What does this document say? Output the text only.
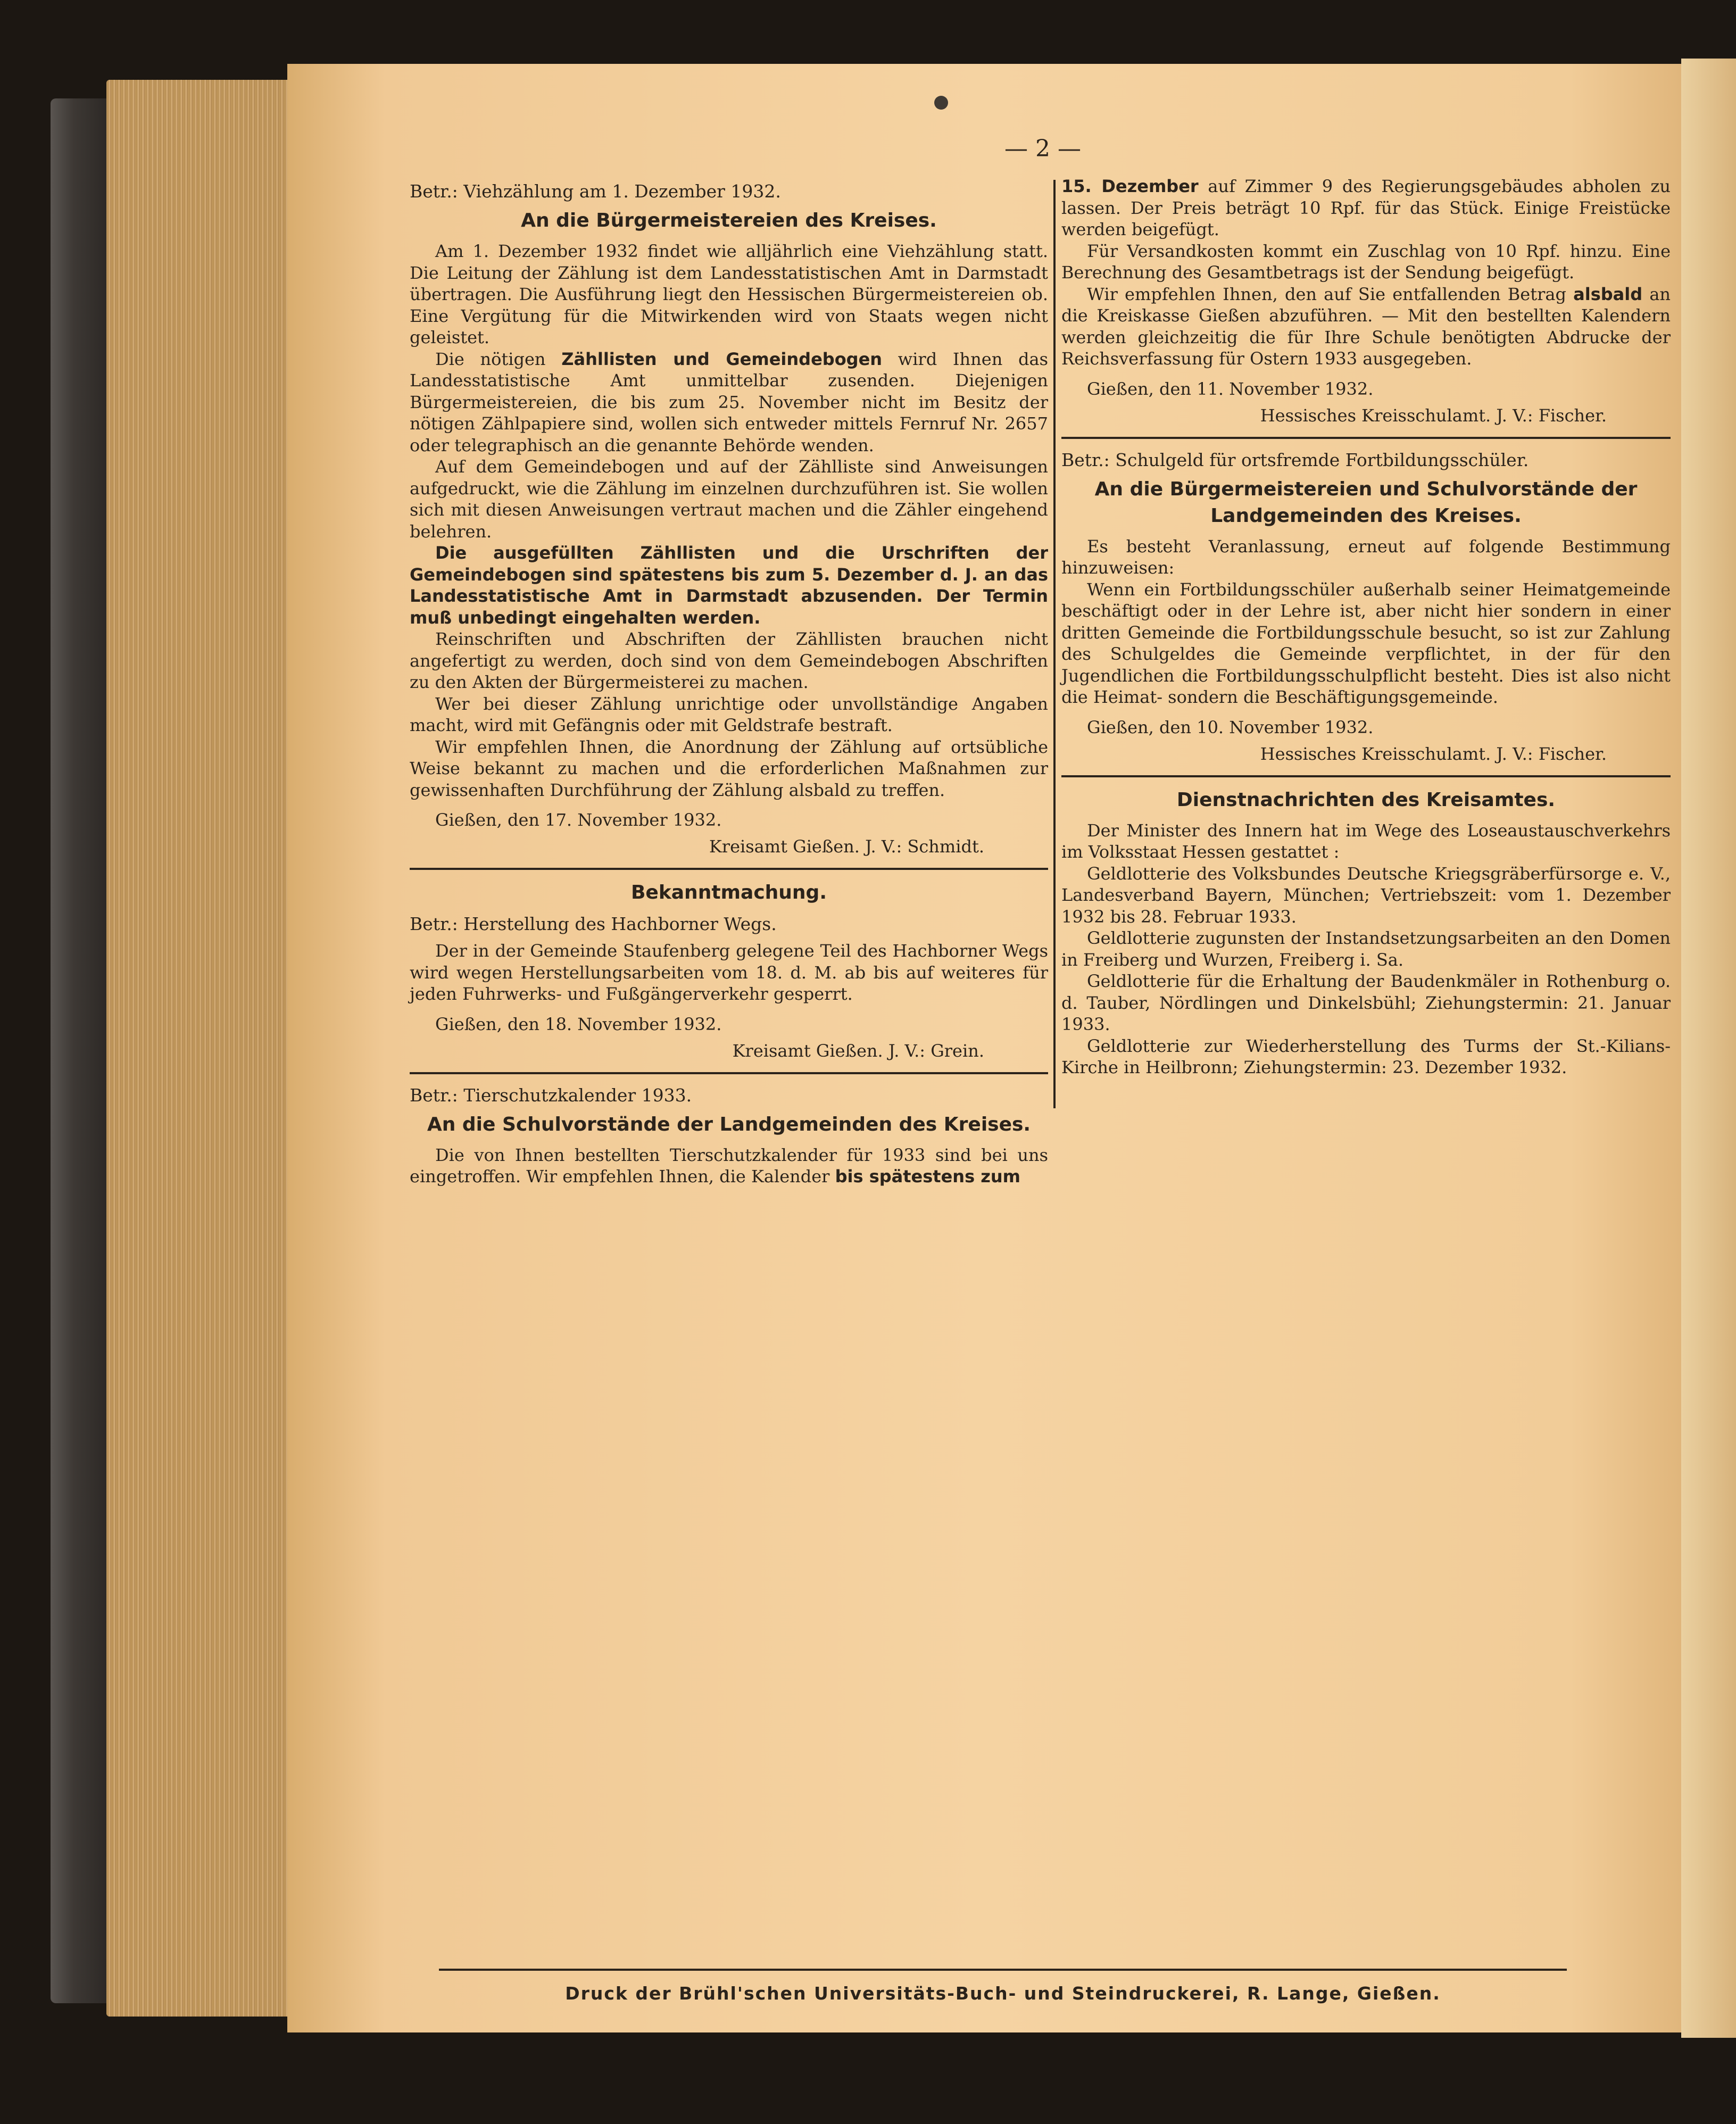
— 2 —
Betr.: Viehzählung am 1. Dezember 1932.
An die Bürgermeistereien des Kreises.

Am 1. Dezember 1932 findet wie alljährlich eine Viehzählung statt. Die Leitung der Zählung ist dem Landesstatistischen Amt in Darmstadt übertragen. Die Ausführung liegt den Hessischen Bürgermeistereien ob. Eine Vergütung für die Mitwirkenden wird von Staats wegen nicht geleistet.

Die nötigen Zähllisten und Gemeindebogen wird Ihnen das Landesstatistische Amt unmittelbar zusenden. Diejenigen Bürgermeistereien, die bis zum 25. November nicht im Besitz der nötigen Zählpapiere sind, wollen sich entweder mittels Fernruf Nr. 2657 oder telegraphisch an die genannte Behörde wenden.

Auf dem Gemeindebogen und auf der Zählliste sind Anweisungen aufgedruckt, wie die Zählung im einzelnen durchzuführen ist. Sie wollen sich mit diesen Anweisungen vertraut machen und die Zähler eingehend belehren.

Die ausgefüllten Zähllisten und die Urschriften der Gemeindebogen sind spätestens bis zum 5. Dezember d. J. an das Landesstatistische Amt in Darmstadt abzusenden. Der Termin muß unbedingt eingehalten werden.

Reinschriften und Abschriften der Zähllisten brauchen nicht angefertigt zu werden, doch sind von dem Gemeindebogen Abschriften zu den Akten der Bürgermeisterei zu machen.

Wer bei dieser Zählung unrichtige oder unvollständige Angaben macht, wird mit Gefängnis oder mit Geldstrafe bestraft.

Wir empfehlen Ihnen, die Anordnung der Zählung auf ortsübliche Weise bekannt zu machen und die erforderlichen Maßnahmen zur gewissenhaften Durchführung der Zählung alsbald zu treffen.

Gießen, den 17. November 1932.
Kreisamt Gießen. J. V.: Schmidt.
Bekanntmachung.
Betr.: Herstellung des Hachborner Wegs.

Der in der Gemeinde Staufenberg gelegene Teil des Hachborner Wegs wird wegen Herstellungsarbeiten vom 18. d. M. ab bis auf weiteres für jeden Fuhrwerks- und Fußgängerverkehr gesperrt.

Gießen, den 18. November 1932.
Kreisamt Gießen. J. V.: Grein.
Betr.: Tierschutzkalender 1933.
An die Schulvorstände der Landgemeinden des Kreises.

Die von Ihnen bestellten Tierschutzkalender für 1933 sind bei uns eingetroffen. Wir empfehlen Ihnen, die Kalender bis spätestens zum

15. Dezember auf Zimmer 9 des Regierungsgebäudes abholen zu lassen. Der Preis beträgt 10 Rpf. für das Stück. Einige Freistücke werden beigefügt.

Für Versandkosten kommt ein Zuschlag von 10 Rpf. hinzu. Eine Berechnung des Gesamtbetrags ist der Sendung beigefügt.

Wir empfehlen Ihnen, den auf Sie entfallenden Betrag alsbald an die Kreiskasse Gießen abzuführen. — Mit den bestellten Kalendern werden gleichzeitig die für Ihre Schule benötigten Abdrucke der Reichsverfassung für Ostern 1933 ausgegeben.

Gießen, den 11. November 1932.
Hessisches Kreisschulamt. J. V.: Fischer.
Betr.: Schulgeld für ortsfremde Fortbildungsschüler.
An die Bürgermeistereien und Schulvorstände der Landgemeinden des Kreises.

Es besteht Veranlassung, erneut auf folgende Bestimmung hinzuweisen:

Wenn ein Fortbildungsschüler außerhalb seiner Heimatgemeinde beschäftigt oder in der Lehre ist, aber nicht hier sondern in einer dritten Gemeinde die Fortbildungsschule besucht, so ist zur Zahlung des Schulgeldes die Gemeinde verpflichtet, in der für den Jugendlichen die Fortbildungsschulpflicht besteht. Dies ist also nicht die Heimat- sondern die Beschäftigungsgemeinde.

Gießen, den 10. November 1932.
Hessisches Kreisschulamt. J. V.: Fischer.
Dienstnachrichten des Kreisamtes.

Der Minister des Innern hat im Wege des Loseaustauschverkehrs im Volksstaat Hessen gestattet :

Geldlotterie des Volksbundes Deutsche Kriegsgräberfürsorge e. V., Landesverband Bayern, München; Vertriebszeit: vom 1. Dezember 1932 bis 28. Februar 1933.

Geldlotterie zugunsten der Instandsetzungsarbeiten an den Domen in Freiberg und Wurzen, Freiberg i. Sa.

Geldlotterie für die Erhaltung der Baudenkmäler in Rothenburg o. d. Tauber, Nördlingen und Dinkelsbühl; Ziehungstermin: 21. Januar 1933.

Geldlotterie zur Wiederherstellung des Turms der St.-Kilians-Kirche in Heilbronn; Ziehungstermin: 23. Dezember 1932.

Druck der Brühl'schen Universitäts-Buch- und Steindruckerei, R. Lange, Gießen.
